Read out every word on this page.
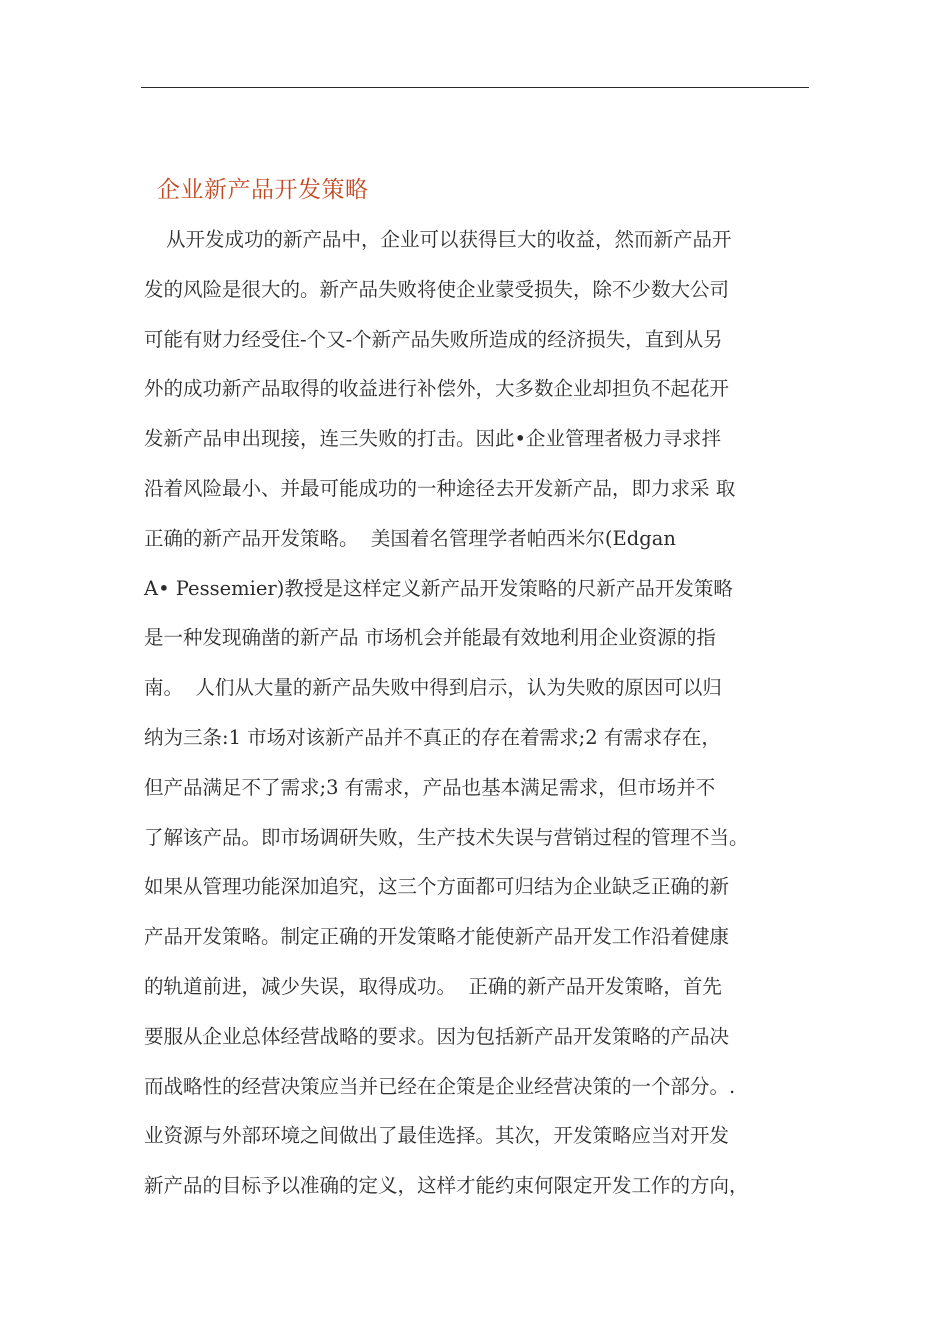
企业新产品开发策略
从开发成功的新产品中，企业可以获得巨大的收益，然而新产品开
发的风险是很大的。新产品失败将使企业蒙受损失，除不少数大公司
可能有财力经受住-个又-个新产品失败所造成的经济损失，直到从另
外的成功新产品取得的收益进行补偿外，大多数企业却担负不起花开
发新产品申出现接，连三失败的打击。因此•企业管理者极力寻求拌
沿着风险最小、并最可能成功的一种途径去开发新产品，即力求采 取
正确的新产品开发策略。  美国着名管理学者帕西米尔(Edgan
A• Pessemier)教授是这样定义新产品开发策略的尺新产品开发策略
是一种发现确凿的新产品 市场机会并能最有效地利用企业资源的指
南。  人们从大量的新产品失败中得到启示，认为失败的原因可以归
纳为三条:1 市场对该新产品并不真正的存在着需求;2 有需求存在，
但产品满足不了需求;3 有需求，产品也基本满足需求，但市场并不
了解该产品。即市场调研失败，生产技术失误与营销过程的管理不当。
如果从管理功能深加追究，这三个方面都可归结为企业缺乏正确的新
产品开发策略。制定正确的开发策略才能使新产品开发工作沿着健康
的轨道前进，减少失误，取得成功。  正确的新产品开发策略，首先
要服从企业总体经营战略的要求。因为包括新产品开发策略的产品决
而战略性的经营决策应当并已经在企策是企业经营决策的一个部分。.
业资源与外部环境之间做出了最佳选择。其次，开发策略应当对开发
新产品的目标予以准确的定义，这样才能约束何限定开发工作的方向，
